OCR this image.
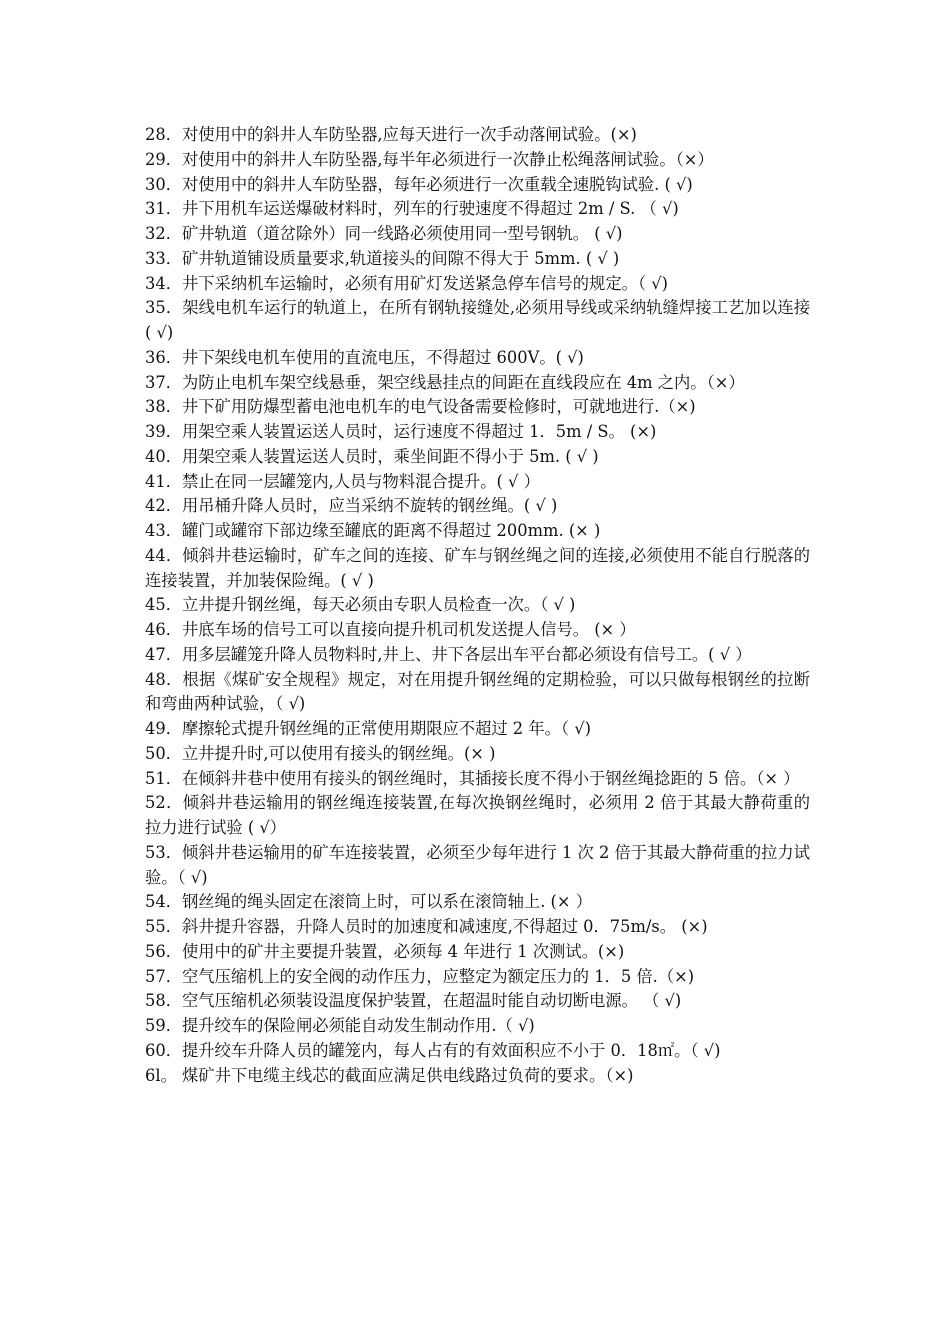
28．对使用中的斜井人车防坠器,应每天进行一次手动落闸试验。(×)

29．对使用中的斜井人车防坠器,每半年必须进行一次静止松绳落闸试验。（×）

30．对使用中的斜井人车防坠器，每年必须进行一次重载全速脱钩试验. ( √)

31．井下用机车运送爆破材料时，列车的行驶速度不得超过 2m / S. （ √)

32．矿井轨道（道岔除外）同一线路必须使用同一型号钢轨。 ( √)

33．矿井轨道铺设质量要求,轨道接头的间隙不得大于 5mm. ( √ )

34．井下采纳机车运输时，必须有用矿灯发送紧急停车信号的规定。（ √)

35．架线电机车运行的轨道上，在所有钢轨接缝处,必须用导线或采纳轨缝焊接工艺加以连接 ( √)

36．井下架线电机车使用的直流电压，不得超过 600V。( √)

37．为防止电机车架空线悬垂，架空线悬挂点的间距在直线段应在 4m 之内。（×）

38．井下矿用防爆型蓄电池电机车的电气设备需要检修时，可就地进行.（×)

39．用架空乘人装置运送人员时，运行速度不得超过 1．5m / S。 (×)

40．用架空乘人装置运送人员时，乘坐间距不得小于 5m. ( √ )

41．禁止在同一层罐笼内,人员与物料混合提升。( √ ）

42．用吊桶升降人员时，应当采纳不旋转的钢丝绳。( √ )

43．罐门或罐帘下部边缘至罐底的距离不得超过 200mm. (× )

44．倾斜井巷运输时，矿车之间的连接、矿车与钢丝绳之间的连接,必须使用不能自行脱落的连接装置，并加装保险绳。( √ )

45．立井提升钢丝绳，每天必须由专职人员检查一次。（ √ )

46．井底车场的信号工可以直接向提升机司机发送提人信号。 (× ）

47．用多层罐笼升降人员物料时,井上、井下各层出车平台都必须设有信号工。( √ ）

48．根据《煤矿安全规程》规定，对在用提升钢丝绳的定期检验，可以只做每根钢丝的拉断和弯曲两种试验，（ √)

49．摩擦轮式提升钢丝绳的正常使用期限应不超过 2 年。（ √)

50．立井提升时,可以使用有接头的钢丝绳。(× )

51．在倾斜井巷中使用有接头的钢丝绳时，其插接长度不得小于钢丝绳捻距的 5 倍。（× ）

52．倾斜井巷运输用的钢丝绳连接装置,在每次换钢丝绳时，必须用 2 倍于其最大静荷重的拉力进行试验 ( √）

53．倾斜井巷运输用的矿车连接装置，必须至少每年进行 1 次 2 倍于其最大静荷重的拉力试验。（ √)

54．钢丝绳的绳头固定在滚筒上时，可以系在滚筒轴上. (× ）

55．斜井提升容器，升降人员时的加速度和减速度,不得超过 0．75m/s。 (×)

56．使用中的矿井主要提升装置，必须每 4 年进行 1 次测试。(×)

57．空气压缩机上的安全阀的动作压力，应整定为额定压力的 1．5 倍.（×)

58．空气压缩机必须装设温度保护装置，在超温时能自动切断电源。 （ √)

59．提升绞车的保险闸必须能自动发生制动作用.（ √)

60．提升绞车升降人员的罐笼内，每人占有的有效面积应不小于 0．18㎡。（ √)

6l。 煤矿井下电缆主线芯的截面应满足供电线路过负荷的要求。（×)
